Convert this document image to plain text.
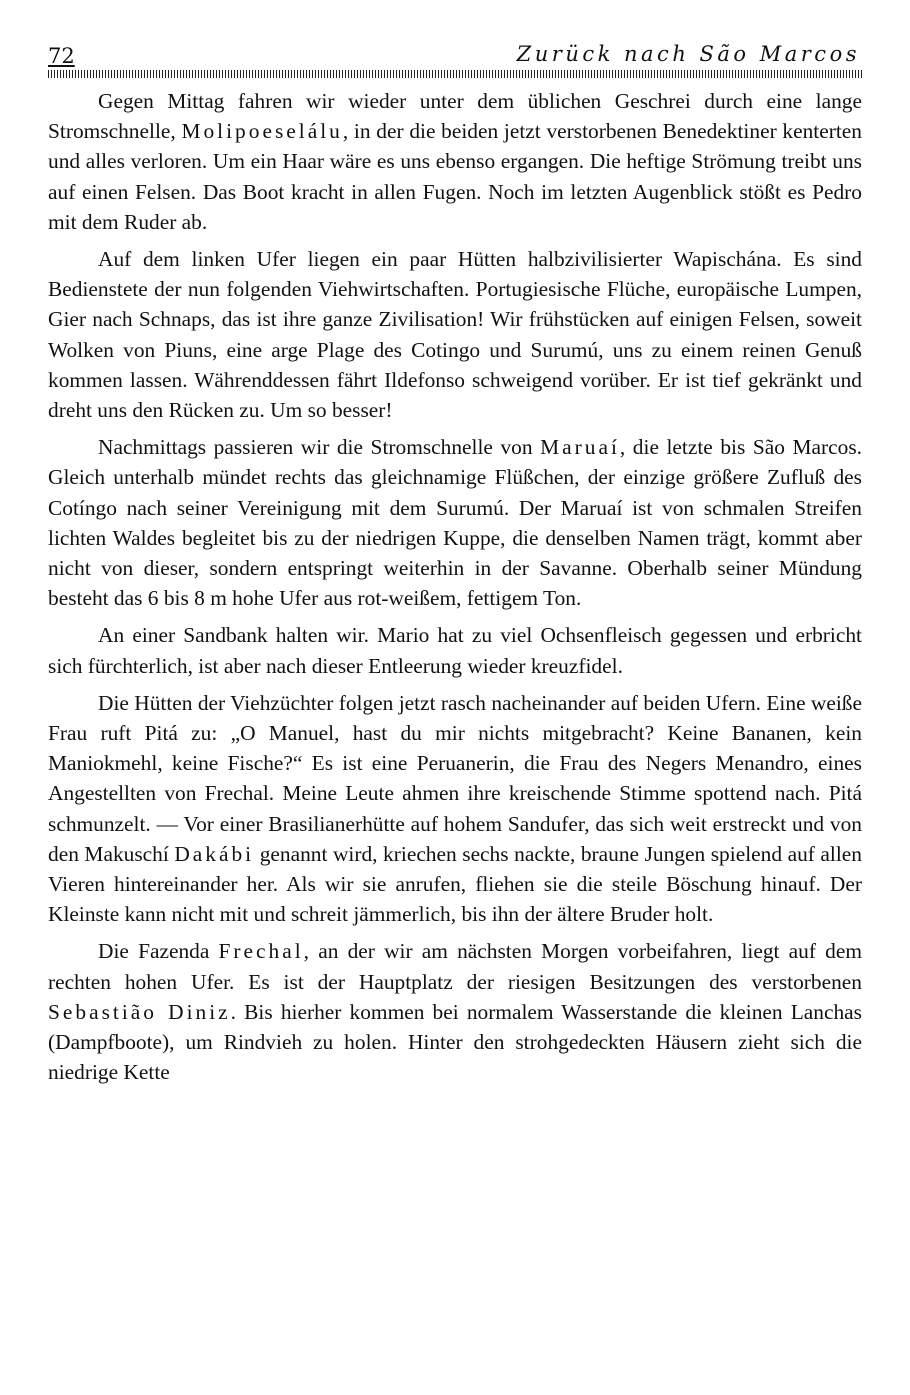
72	Zurück nach São Marcos

Gegen Mittag fahren wir wieder unter dem üblichen Geschrei durch eine lange Stromschnelle, Molipoeselálu, in der die beiden jetzt verstorbenen Benedektiner kenterten und alles verloren. Um ein Haar wäre es uns ebenso ergangen. Die heftige Strömung treibt uns auf einen Felsen. Das Boot kracht in allen Fugen. Noch im letzten Augenblick stößt es Pedro mit dem Ruder ab.

Auf dem linken Ufer liegen ein paar Hütten halbzivilisierter Wapischána. Es sind Bedienstete der nun folgenden Viehwirtschaften. Portugiesische Flüche, europäische Lumpen, Gier nach Schnaps, das ist ihre ganze Zivilisation! Wir frühstücken auf einigen Felsen, soweit Wolken von Piuns, eine arge Plage des Cotingo und Surumú, uns zu einem reinen Genuß kommen lassen. Währenddessen fährt Ildefonso schweigend vorüber. Er ist tief gekränkt und dreht uns den Rücken zu. Um so besser!

Nachmittags passieren wir die Stromschnelle von Maruaí, die letzte bis São Marcos. Gleich unterhalb mündet rechts das gleichnamige Flüßchen, der einzige größere Zufluß des Cotíngo nach seiner Vereinigung mit dem Surumú. Der Maruaí ist von schmalen Streifen lichten Waldes begleitet bis zu der niedrigen Kuppe, die denselben Namen trägt, kommt aber nicht von dieser, sondern entspringt weiterhin in der Savanne. Oberhalb seiner Mündung besteht das 6 bis 8 m hohe Ufer aus rot-weißem, fettigem Ton.

An einer Sandbank halten wir. Mario hat zu viel Ochsenfleisch gegessen und erbricht sich fürchterlich, ist aber nach dieser Entleerung wieder kreuzfidel.

Die Hütten der Viehzüchter folgen jetzt rasch nacheinander auf beiden Ufern. Eine weiße Frau ruft Pitá zu: „O Manuel, hast du mir nichts mitgebracht? Keine Bananen, kein Maniokmehl, keine Fische?“ Es ist eine Peruanerin, die Frau des Negers Menandro, eines Angestellten von Frechal. Meine Leute ahmen ihre kreischende Stimme spottend nach. Pitá schmunzelt. — Vor einer Brasilianerhütte auf hohem Sandufer, das sich weit erstreckt und von den Makuschí Dakábi genannt wird, kriechen sechs nackte, braune Jungen spielend auf allen Vieren hintereinander her. Als wir sie anrufen, fliehen sie die steile Böschung hinauf. Der Kleinste kann nicht mit und schreit jämmerlich, bis ihn der ältere Bruder holt.

Die Fazenda Frechal, an der wir am nächsten Morgen vorbeifahren, liegt auf dem rechten hohen Ufer. Es ist der Hauptplatz der riesigen Besitzungen des verstorbenen Sebastião Diniz. Bis hierher kommen bei normalem Wasserstande die kleinen Lanchas (Dampfboote), um Rindvieh zu holen. Hinter den strohgedeckten Häusern zieht sich die niedrige Kette
